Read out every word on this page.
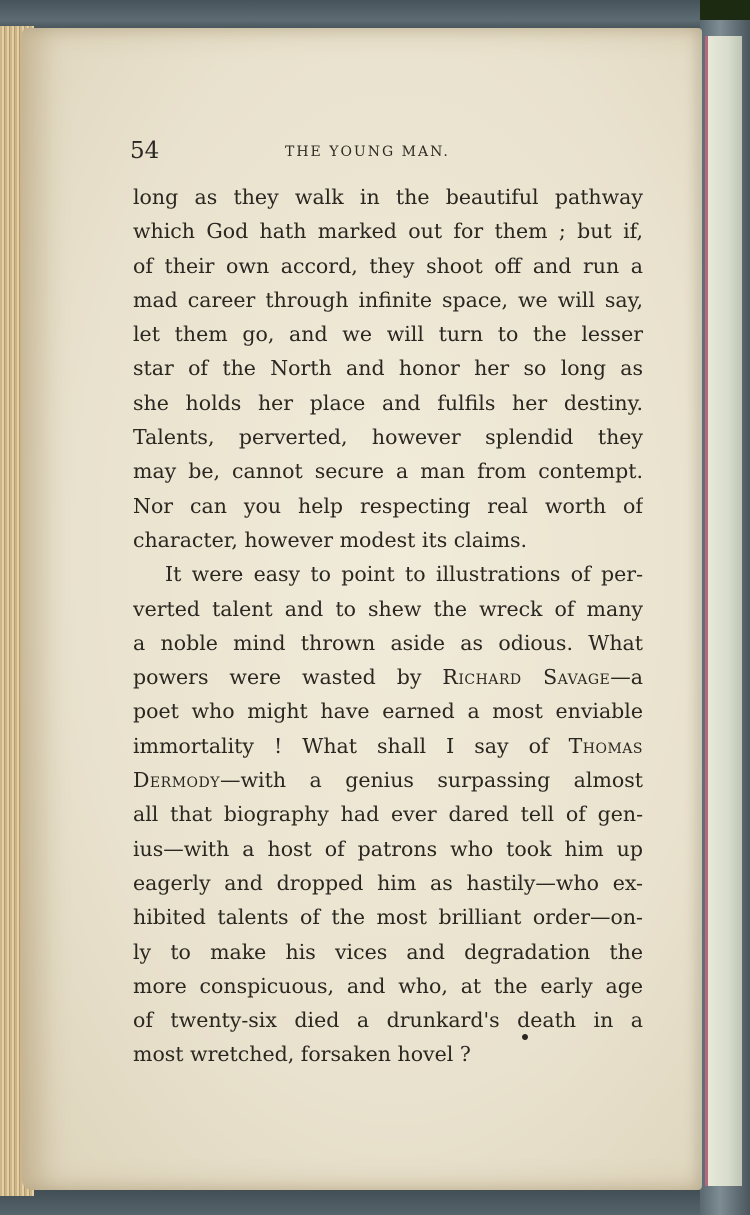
54	THE YOUNG MAN.
long as they walk in the beautiful pathway
which God hath marked out for them ; but if,
of their own accord, they shoot off and run a
mad career through infinite space, we will say,
let them go, and we will turn to the lesser
star of the North and honor her so long as
she holds her place and fulfils her destiny.
Talents, perverted, however splendid they
may be, cannot secure a man from contempt.
Nor can you help respecting real worth of
character, however modest its claims.
It were easy to point to illustrations of per-
verted talent and to shew the wreck of many
a noble mind thrown aside as odious. What
powers were wasted by Richard Savage—a
poet who might have earned a most enviable
immortality ! What shall I say of Thomas
Dermody—with a genius surpassing almost
all that biography had ever dared tell of gen-
ius—with a host of patrons who took him up
eagerly and dropped him as hastily—who ex-
hibited talents of the most brilliant order—on-
ly to make his vices and degradation the
more conspicuous, and who, at the early age
of twenty-six died a drunkard's death in a
most wretched, forsaken hovel ?
